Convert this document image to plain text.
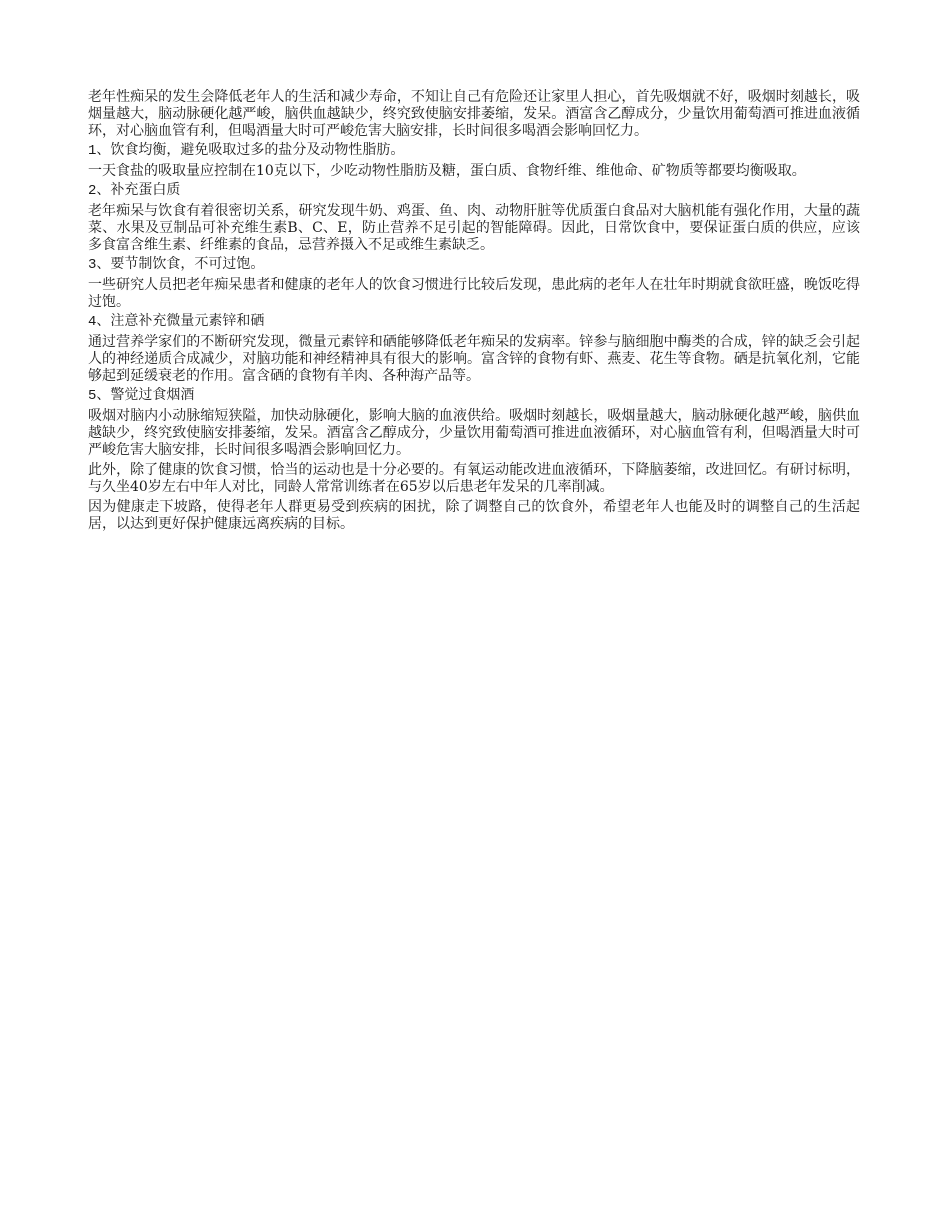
老年性痴呆的发生会降低老年人的生活和减少寿命，不知让自己有危险还让家里人担心，首先吸烟就不好，吸烟时刻越长，吸烟量越大，脑动脉硬化越严峻，脑供血越缺少，终究致使脑安排萎缩，发呆。酒富含乙醇成分，少量饮用葡萄酒可推进血液循环，对心脑血管有利，但喝酒量大时可严峻危害大脑安排，长时间很多喝酒会影响回忆力。

1、饮食均衡，避免吸取过多的盐分及动物性脂肪。

一天食盐的吸取量应控制在10克以下，少吃动物性脂肪及糖，蛋白质、食物纤维、维他命、矿物质等都要均衡吸取。

2、补充蛋白质

老年痴呆与饮食有着很密切关系，研究发现牛奶、鸡蛋、鱼、肉、动物肝脏等优质蛋白食品对大脑机能有强化作用，大量的蔬菜、水果及豆制品可补充维生素B、C、E，防止营养不足引起的智能障碍。因此，日常饮食中，要保证蛋白质的供应，应该多食富含维生素、纤维素的食品，忌营养摄入不足或维生素缺乏。

3、要节制饮食，不可过饱。

一些研究人员把老年痴呆患者和健康的老年人的饮食习惯进行比较后发现，患此病的老年人在壮年时期就食欲旺盛，晚饭吃得过饱。

4、注意补充微量元素锌和硒

通过营养学家们的不断研究发现，微量元素锌和硒能够降低老年痴呆的发病率。锌参与脑细胞中酶类的合成，锌的缺乏会引起人的神经递质合成减少，对脑功能和神经精神具有很大的影响。富含锌的食物有虾、燕麦、花生等食物。硒是抗氧化剂，它能够起到延缓衰老的作用。富含硒的食物有羊肉、各种海产品等。

5、警觉过食烟酒

吸烟对脑内小动脉缩短狭隘，加快动脉硬化，影响大脑的血液供给。吸烟时刻越长，吸烟量越大，脑动脉硬化越严峻，脑供血越缺少，终究致使脑安排萎缩，发呆。酒富含乙醇成分，少量饮用葡萄酒可推进血液循环，对心脑血管有利，但喝酒量大时可严峻危害大脑安排，长时间很多喝酒会影响回忆力。

此外，除了健康的饮食习惯，恰当的运动也是十分必要的。有氧运动能改进血液循环，下降脑萎缩，改进回忆。有研讨标明，与久坐40岁左右中年人对比，同龄人常常训练者在65岁以后患老年发呆的几率削减。

因为健康走下坡路，使得老年人群更易受到疾病的困扰，除了调整自己的饮食外，希望老年人也能及时的调整自己的生活起居，以达到更好保护健康远离疾病的目标。
